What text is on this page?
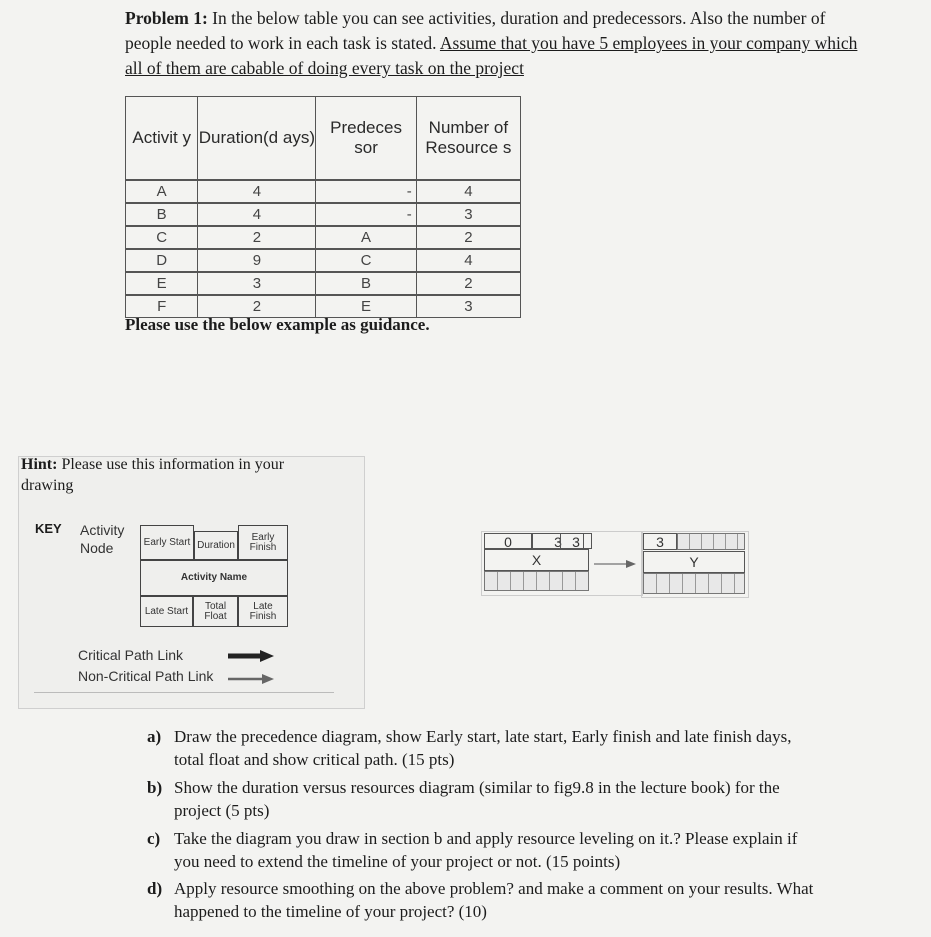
Problem 1: In the below table you can see activities, duration and predecessors. Also the number of people needed to work in each task is stated. Assume that you have 5 employees in your company which all of them are cabable of doing every task on the project
Activit y	Duration(d ays)	Predeces sor	Number of Resource s
A	4	-	4
B	4	-	3
C	2	A	2
D	9	C	4
E	3	B	2
F	2	E	3
Please use the below example as guidance.
Hint: Please use this information in your drawing
KEY Activity Node	Early Start Duration
Early Finish
Activity Name
Late Start	Total Float
Late Finish
Critical Path Link
Non-Critical Path Link
0	3 3
X
3
Y
a) Draw the precedence diagram, show Early start, late start, Early finish and late finish days, total float and show critical path. (15 pts)
b) Show the duration versus resources diagram (similar to fig9.8 in the lecture book) for the project (5 pts)
c) Take the diagram you draw in section b and apply resource leveling on it.? Please explain if you need to extend the timeline of your project or not. (15 points)
d) Apply resource smoothing on the above problem? and make a comment on your results. What happened to the timeline of your project? (10)
